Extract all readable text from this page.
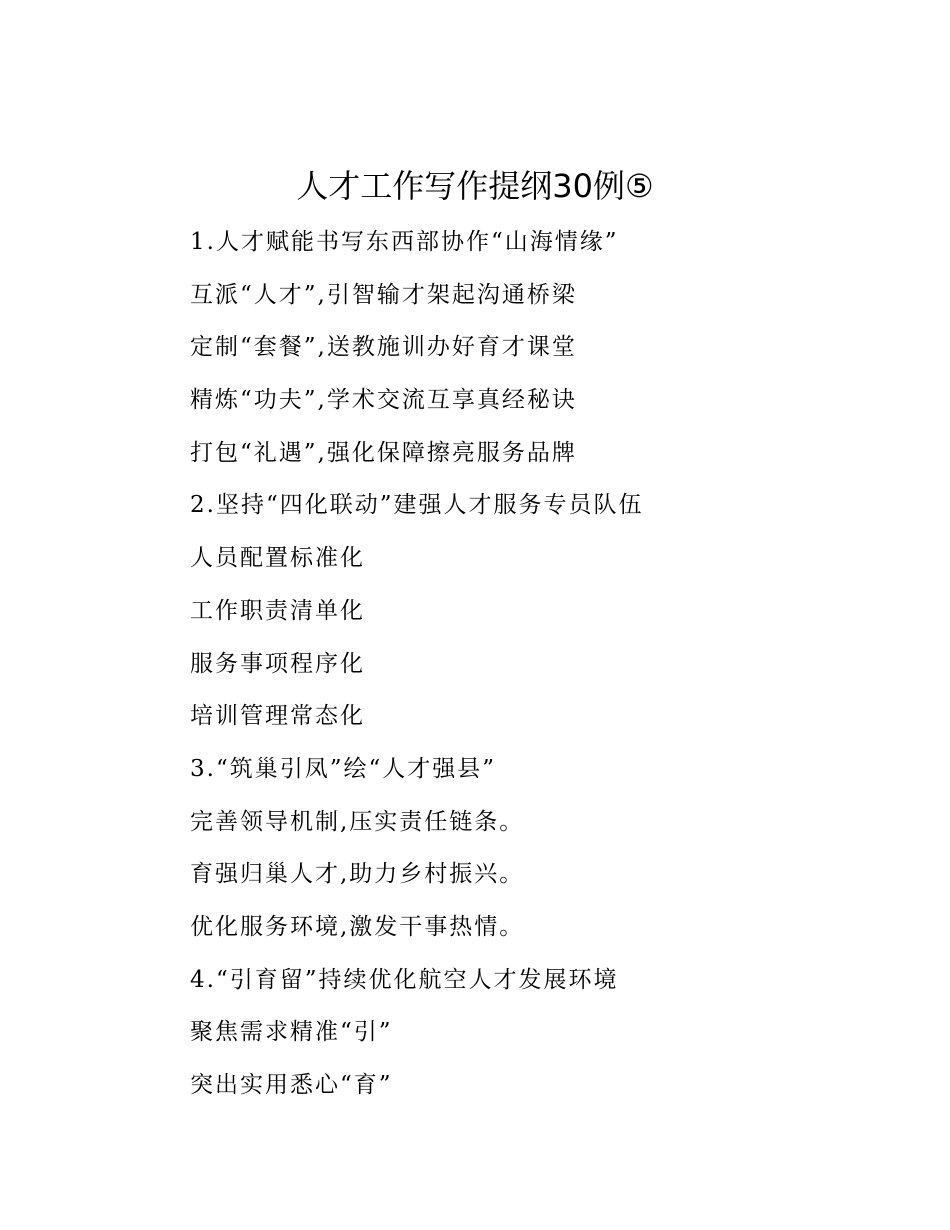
人才工作写作提纲30例⑤
1.人才赋能书写东西部协作“山海情缘”
互派“人才”,引智输才架起沟通桥梁
定制“套餐”,送教施训办好育才课堂
精炼“功夫”,学术交流互享真经秘诀
打包“礼遇”,强化保障擦亮服务品牌
2.坚持“四化联动”建强人才服务专员队伍
人员配置标准化
工作职责清单化
服务事项程序化
培训管理常态化
3.“筑巢引凤”绘“人才强县”
完善领导机制,压实责任链条。
育强归巢人才,助力乡村振兴。
优化服务环境,激发干事热情。
4.“引育留”持续优化航空人才发展环境
聚焦需求精准“引”
突出实用悉心“育”
